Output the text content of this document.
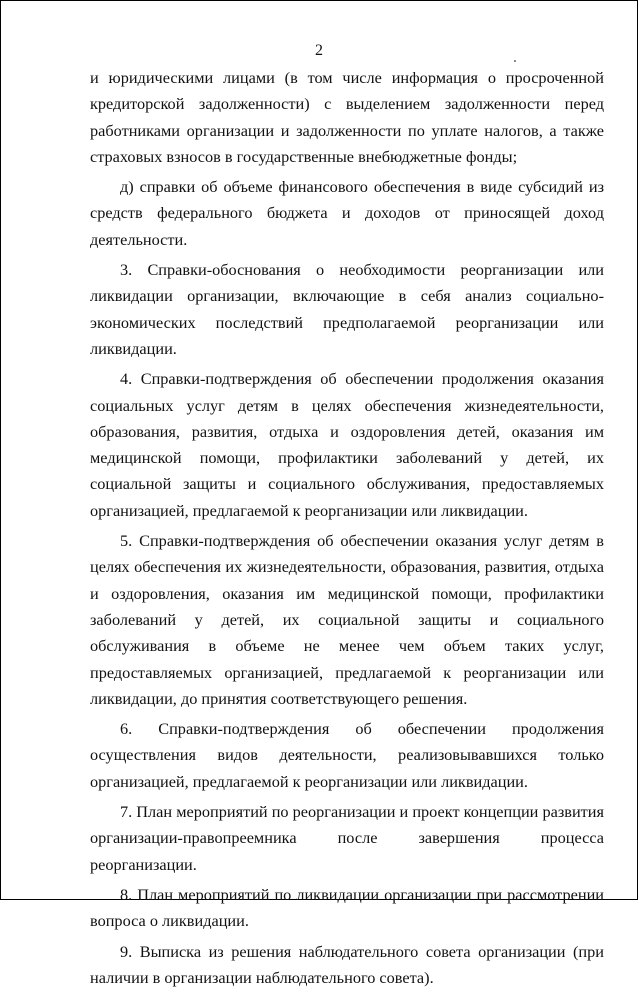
2

и юридическими лицами (в том числе информация о просроченной кредиторской задолженности) с выделением задолженности перед работниками организации и задолженности по уплате налогов, а также страховых взносов в государственные внебюджетные фонды;

д) справки об объеме финансового обеспечения в виде субсидий из средств федерального бюджета и доходов от приносящей доход деятельности.

3. Справки-обоснования о необходимости реорганизации или ликвидации организации, включающие в себя анализ социально-экономических последствий предполагаемой реорганизации или ликвидации.

4. Справки-подтверждения об обеспечении продолжения оказания социальных услуг детям в целях обеспечения жизнедеятельности, образования, развития, отдыха и оздоровления детей, оказания им медицинской помощи, профилактики заболеваний у детей, их социальной защиты и социального обслуживания, предоставляемых организацией, предлагаемой к реорганизации или ликвидации.

5. Справки-подтверждения об обеспечении оказания услуг детям в целях обеспечения их жизнедеятельности, образования, развития, отдыха и оздоровления, оказания им медицинской помощи, профилактики заболеваний у детей, их социальной защиты и социального обслуживания в объеме не менее чем объем таких услуг, предоставляемых организацией, предлагаемой к реорганизации или ликвидации, до принятия соответствующего решения.

6. Справки-подтверждения об обеспечении продолжения осуществления видов деятельности, реализовывавшихся только организацией, предлагаемой к реорганизации или ликвидации.

7. План мероприятий по реорганизации и проект концепции развития организации-правопреемника после завершения процесса реорганизации.

8. План мероприятий по ликвидации организации при рассмотрении вопроса о ликвидации.

9. Выписка из решения наблюдательного совета организации (при наличии в организации наблюдательного совета).
